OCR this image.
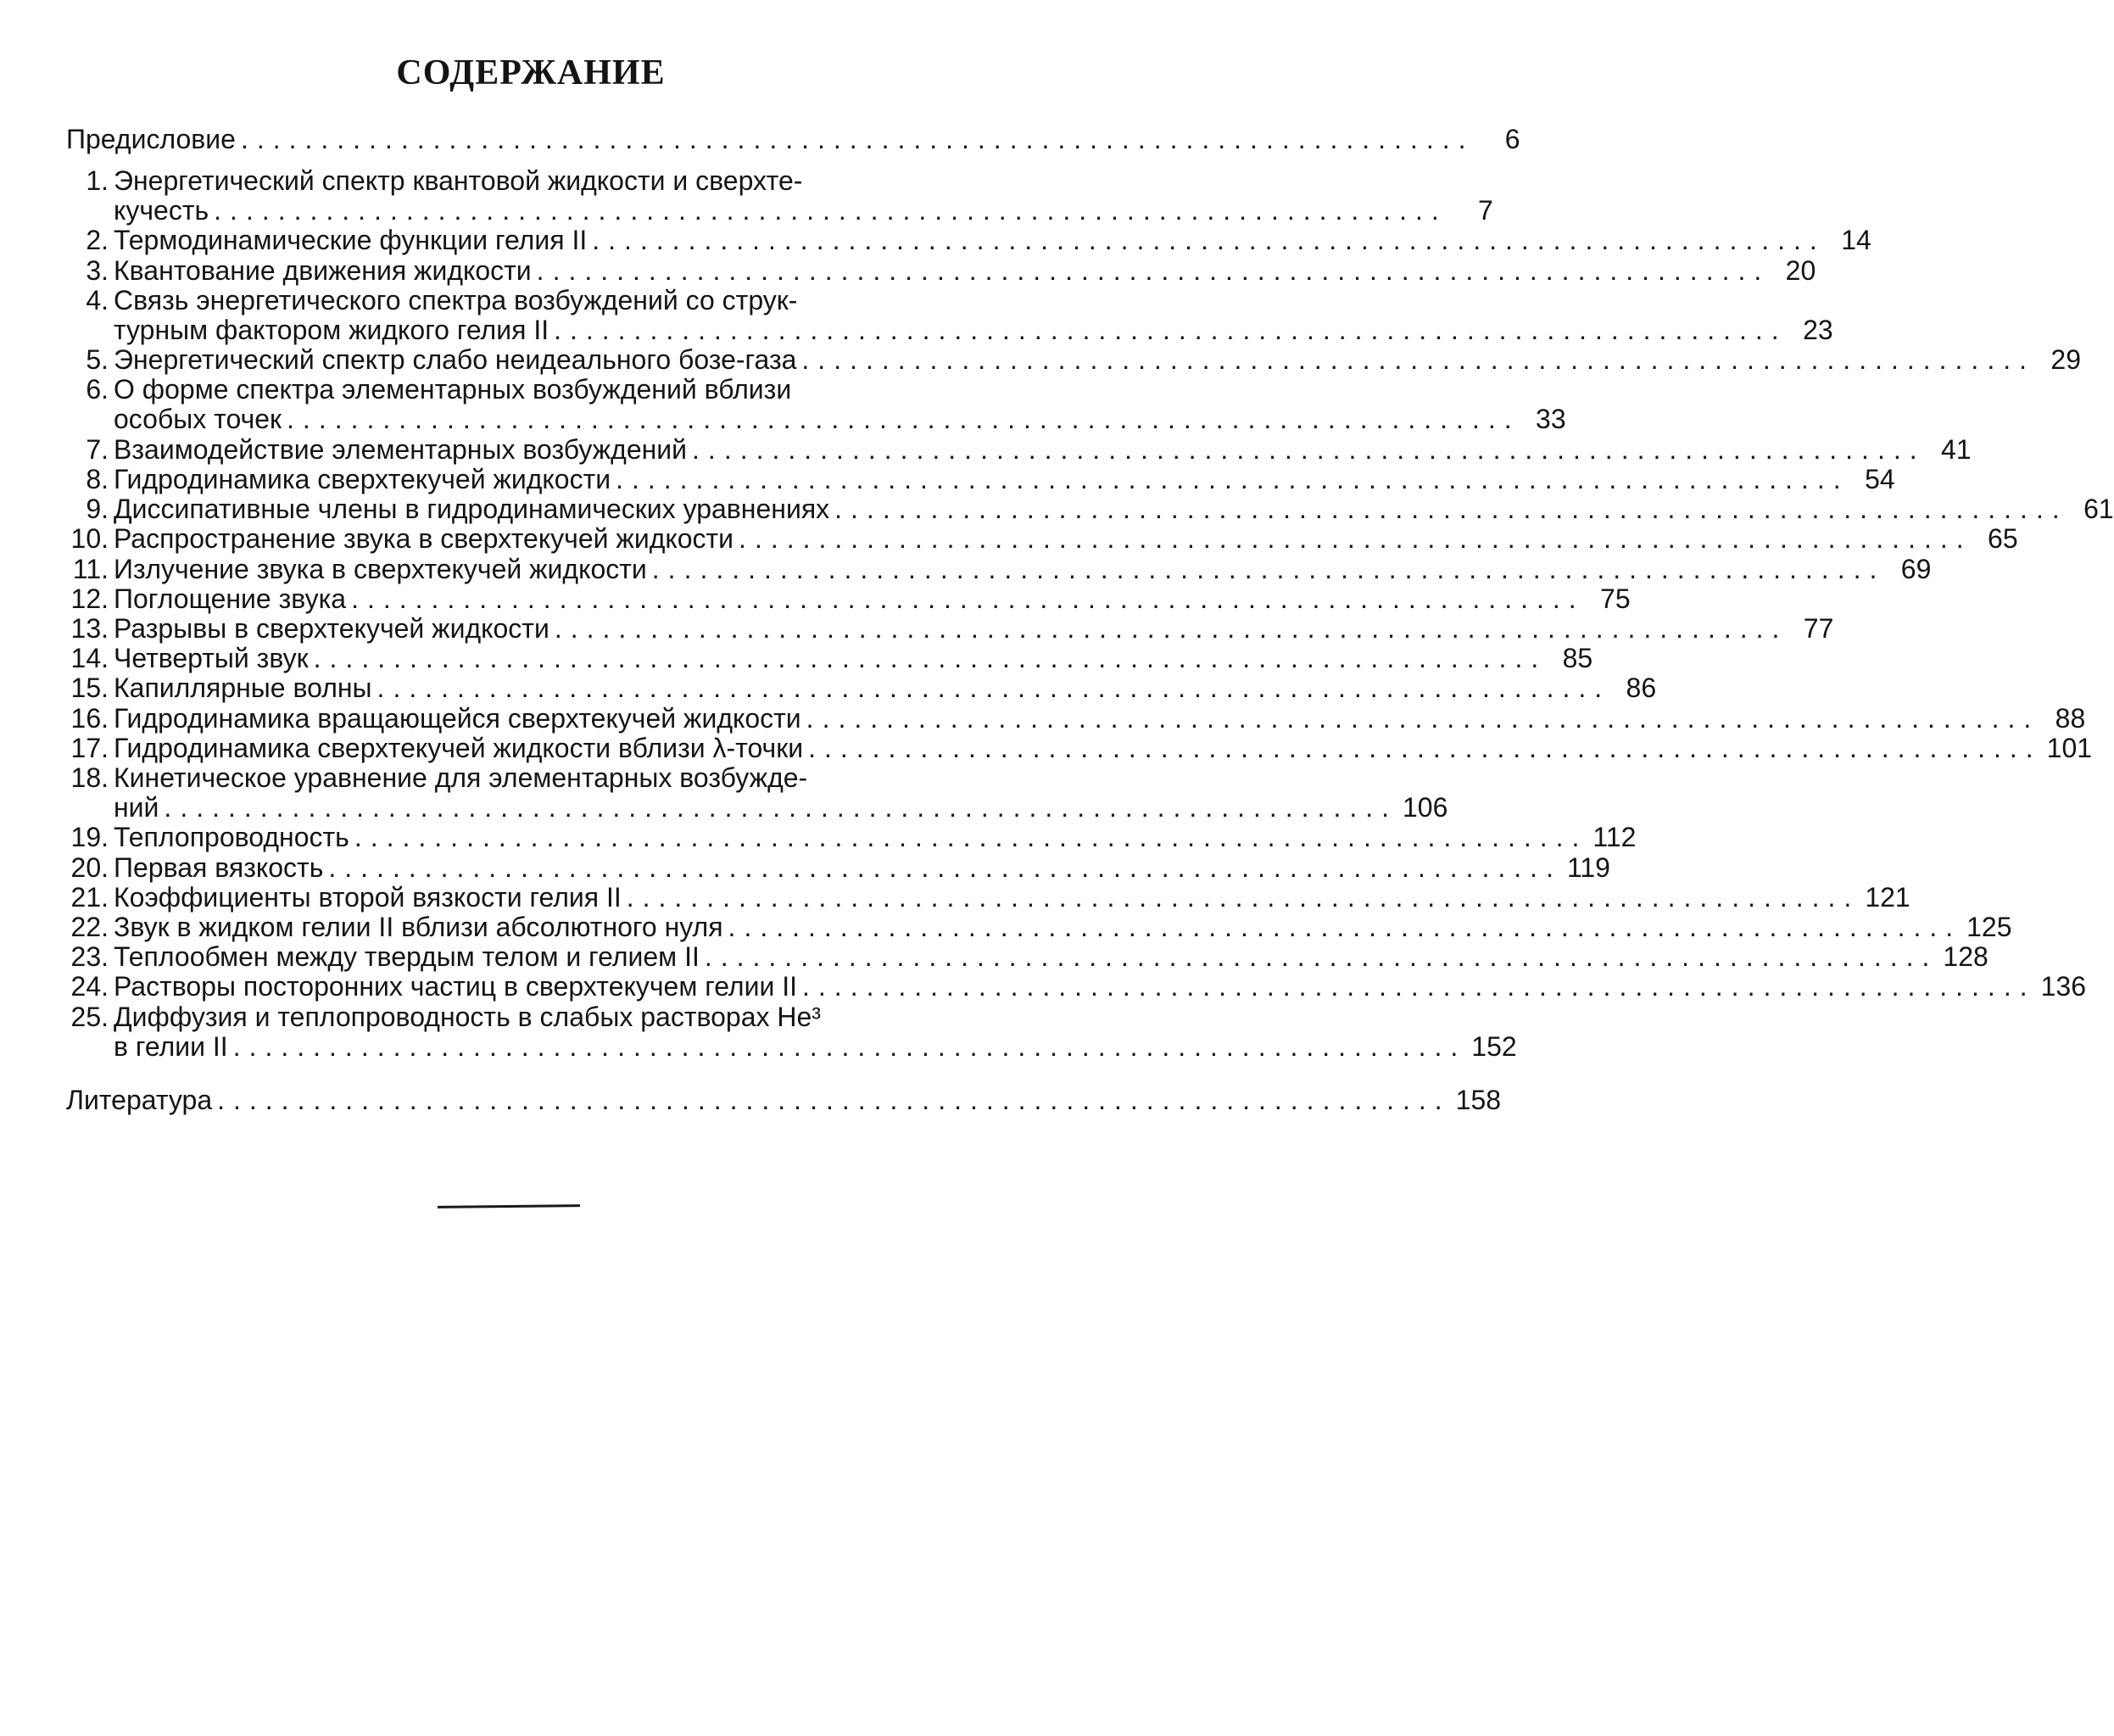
СОДЕРЖАНИЕ
Предисловие .............................................................................	6
1. Энергетический спектр квантовой жидкости и сверхте-
кучесть .............................................................................	7
2. Термодинамические функции гелия II ............................................................................. 14
3. Квантование движения жидкости ............................................................................. 20
4. Связь энергетического спектра возбуждений со струк-
турным фактором жидкого гелия II ............................................................................. 23
5. Энергетический спектр слабо неидеального бозе-газа ............................................................................. 29
6. О форме спектра элементарных возбуждений вблизи
особых точек ............................................................................. 33
7. Взаимодействие элементарных возбуждений ............................................................................. 41
8. Гидродинамика сверхтекучей жидкости ............................................................................. 54
9. Диссипативные члены в гидродинамических уравнениях ............................................................................. 61
10. Распространение звука в сверхтекучей жидкости ............................................................................. 65
11. Излучение звука в сверхтекучей жидкости ............................................................................. 69
12. Поглощение звука ............................................................................. 75
13. Разрывы в сверхтекучей жидкости ............................................................................. 77
14. Четвертый звук ............................................................................. 85
15. Капиллярные волны ............................................................................. 86
16. Гидродинамика вращающейся сверхтекучей жидкости ............................................................................. 88
17. Гидродинамика сверхтекучей жидкости вблизи λ-точки ............................................................................. 101
18. Кинетическое уравнение для элементарных возбужде-
ний ............................................................................. 106
19. Теплопроводность ............................................................................. 112
20. Первая вязкость ............................................................................. 119
21. Коэффициенты второй вязкости гелия II ............................................................................. 121
22. Звук в жидком гелии II вблизи абсолютного нуля ............................................................................. 125
23. Теплообмен между твердым телом и гелием II ............................................................................. 128
24. Растворы посторонних частиц в сверхтекучем гелии II ............................................................................. 136
25. Диффузия и теплопроводность в слабых растворах He³
в гелии II ............................................................................. 152
Литература ............................................................................. 158
